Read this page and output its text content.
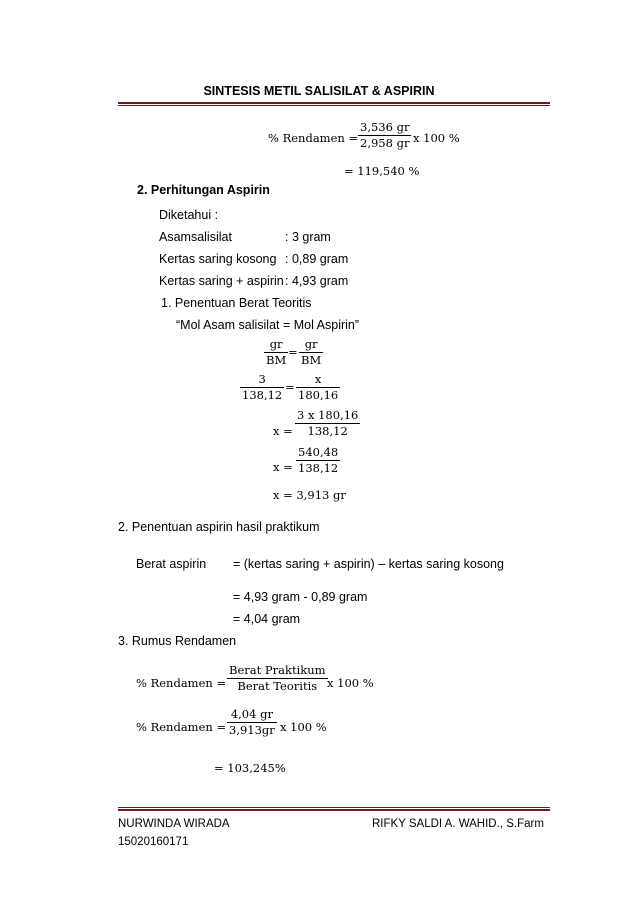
SINTESIS METIL SALISILAT & ASPIRIN
% Rendamen = $\frac{3,536 gr}{2,958 gr}$ x 100 %
= 119,540 %
2. Perhitungan Aspirin
Diketahui :
Asamsalisilat	: 3 gram
Kertas saring kosong : 0,89 gram
Kertas saring + aspirin : 4,93 gram
1. Penentuan Berat Teoritis
“Mol Asam salisilat = Mol Aspirin”
$\frac{gr}{BM} = \frac{gr}{BM}$
$\frac{3}{138,12} = \frac{x}{180,16}$
$x = \frac{3 x 180,16}{138,12}$
$x = \frac{540,48}{138,12}$
x = 3,913 gr
2. Penentuan aspirin hasil praktikum
Berat aspirin = (kertas saring + aspirin) – kertas saring kosong
= 4,93 gram - 0,89 gram
= 4,04 gram
3. Rumus Rendamen
% Rendamen =
Berat Praktikum
Berat Teoritis x 100 %
% Rendamen = $\frac{4,04 gr}{3,913gr}$ x 100 %
= 103,245%
NURWINDA WIRADA
15020160171
RIFKY SALDI A. WAHID., S.Farm
